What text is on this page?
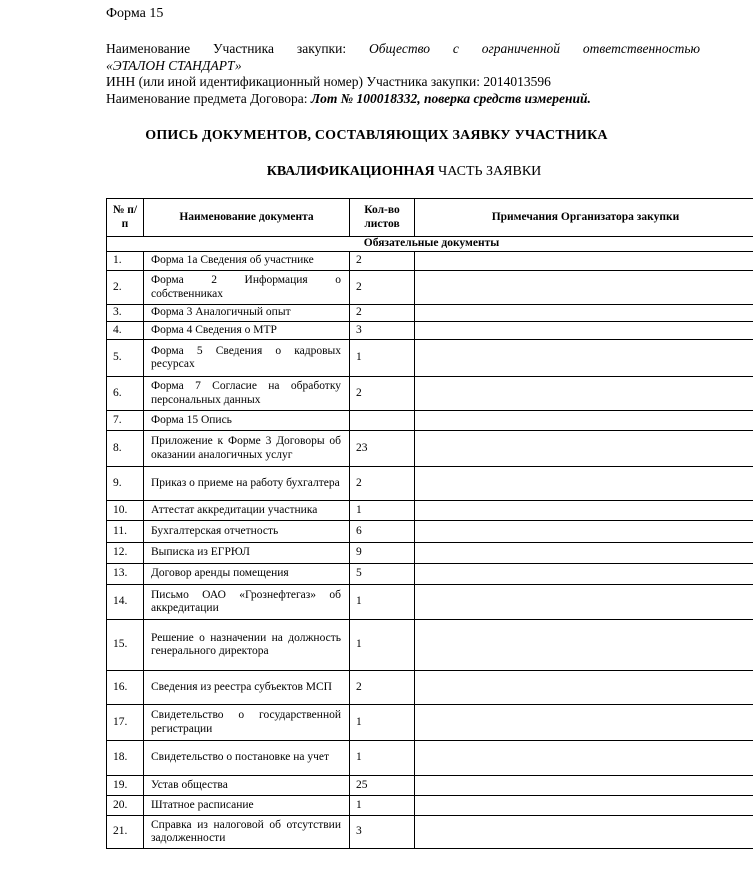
Форма 15
Наименование Участника закупки: Общество с ограниченной ответственностью
«ЭТАЛОН СТАНДАРТ»
ИНН (или иной идентификационный номер) Участника закупки: 2014013596
Наименование предмета Договора: Лот № 100018332, поверка средств измерений.
ОПИСЬ ДОКУМЕНТОВ, СОСТАВЛЯЮЩИХ ЗАЯВКУ УЧАСТНИКА
КВАЛИФИКАЦИОННАЯ ЧАСТЬ ЗАЯВКИ
№ п/п	Наименование документа	Кол-во листов	Примечания Организатора закупки
Обязательные документы			
1.	Форма 1а Сведения об участнике	2	
2.	Форма 2 Информация о собственниках	2	
3.	Форма 3 Аналогичный опыт	2	
4.	Форма 4 Сведения о МТР	3	
5.	Форма 5 Сведения о кадровых ресурсах	1	
6.	Форма 7 Согласие на обработку персональных данных	2	
7.	Форма 15 Опись		
8.	Приложение к Форме 3 Договоры об оказании аналогичных услуг	23	
9.	Приказ о приеме на работу бухгалтера	2	
10.	Аттестат аккредитации участника	1	
11.	Бухгалтерская отчетность	6	
12.	Выписка из ЕГРЮЛ	9	
13.	Договор аренды помещения	5	
14.	Письмо ОАО «Грознефтегаз» об аккредитации	1	
15.	Решение о назначении на должность генерального директора	1	
16.	Сведения из реестра субъектов МСП	2	
17.	Свидетельство о государственной регистрации	1	
18.	Свидетельство о постановке на учет	1	
19.	Устав общества	25	
20.	Штатное расписание	1	
21.	Справка из налоговой об отсутствии задолженности	3	
